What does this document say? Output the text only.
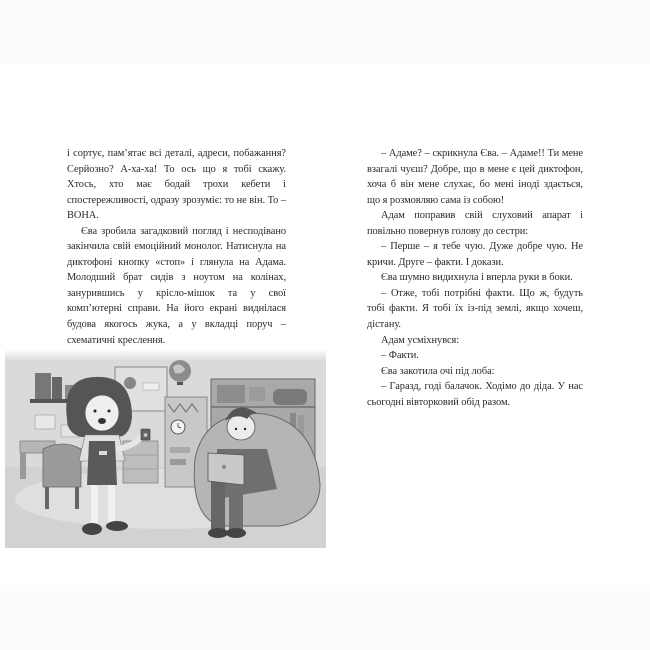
і сортує, пам’ятає всі деталі, адреси, побажання? Серйозно? А-ха-ха! То ось що я тобі скажу. Хтось, хто має бодай трохи кебети і спостережливості, одразу зрозуміє: то не він. То – ВОНА.

Єва зробила загадковий погляд і несподівано закінчила свій емоційний монолог. Натиснула на диктофоні кнопку «стоп» і глянула на Адама. Молодший брат сидів з ноутом на колінах, занурившись у крісло-мішок та у свої комп’ютерні справи. На його екрані виднілася будова якогось жука, а у вкладці поруч – схематичні креслення.

– Адаме? – скрикнула Єва. – Адаме!! Ти мене взагалі чуєш? Добре, що в мене є цей диктофон, хоча б він мене слухає, бо мені іноді здається, що я розмовляю сама із собою!

Адам поправив свій слуховий апарат і повільно повернув голову до сестри:

– Перше – я тебе чую. Дуже добре чую. Не кричи. Друге – факти. І докази.

Єва шумно видихнула і вперла руки в боки.

– Отже, тобі потрібні факти. Що ж, будуть тобі факти. Я тобі їх із-під землі, якщо хочеш, дістану.

Адам усміхнувся:

– Факти.

Єва закотила очі під лоба:

– Гаразд, годі балачок. Ходімо до діда. У нас сьогодні вівторковий обід разом.
